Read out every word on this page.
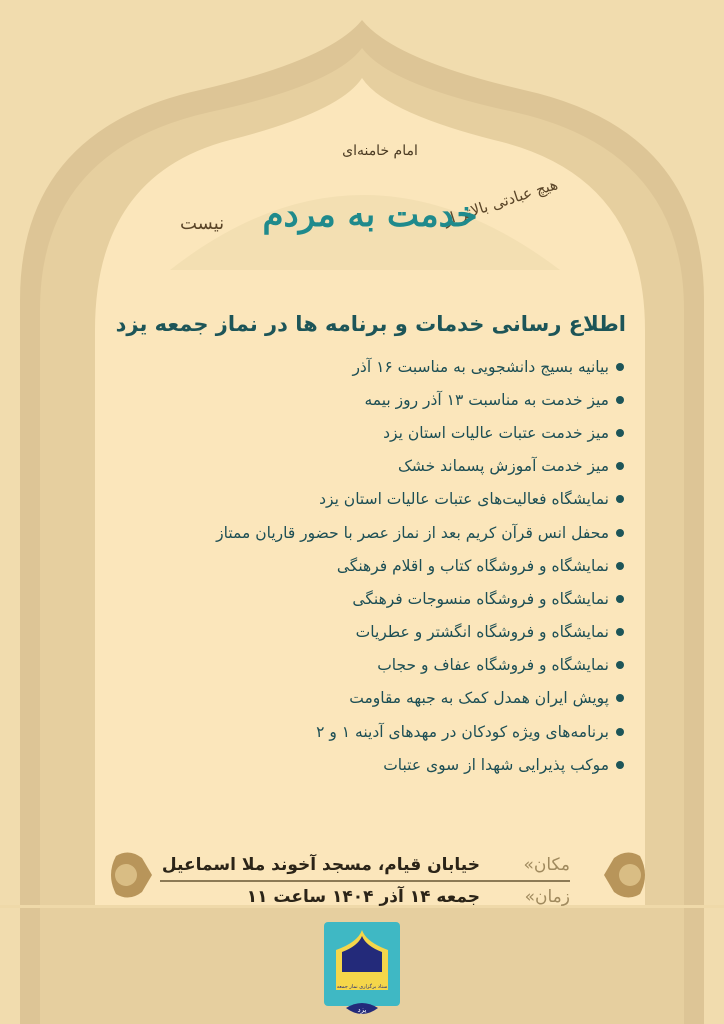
امام خامنه‌ای
هیچ عبادتی بالاتر از
خدمت به مردم
نیست
اطلاع رسانی خدمات و برنامه ها در نماز جمعه یزد
بیانیه بسیج دانشجویی به مناسبت ۱۶ آذر
میز خدمت به مناسبت ۱۳ آذر روز بیمه
میز خدمت عتبات عالیات استان یزد
میز خدمت آموزش پسماند خشک
نمایشگاه فعالیت‌های عتبات عالیات استان یزد
محفل انس قرآن کریم بعد از نماز عصر با حضور قاریان ممتاز
نمایشگاه و فروشگاه کتاب و اقلام فرهنگی
نمایشگاه و فروشگاه منسوجات فرهنگی
نمایشگاه و فروشگاه انگشتر و عطریات
نمایشگاه و فروشگاه عفاف و حجاب
پویش ایران همدل کمک به جبهه مقاومت
برنامه‌های ویژه کودکان در مهدهای آدینه ۱ و ۲
موکب پذیرایی شهدا از سوی عتبات
مکان»
خیابان قیام، مسجد آخوند ملا اسماعیل
زمان»
جمعه ۱۴ آذر ۱۴۰۴ ساعت ۱۱
یزد
ستاد برگزاری نماز جمعه
